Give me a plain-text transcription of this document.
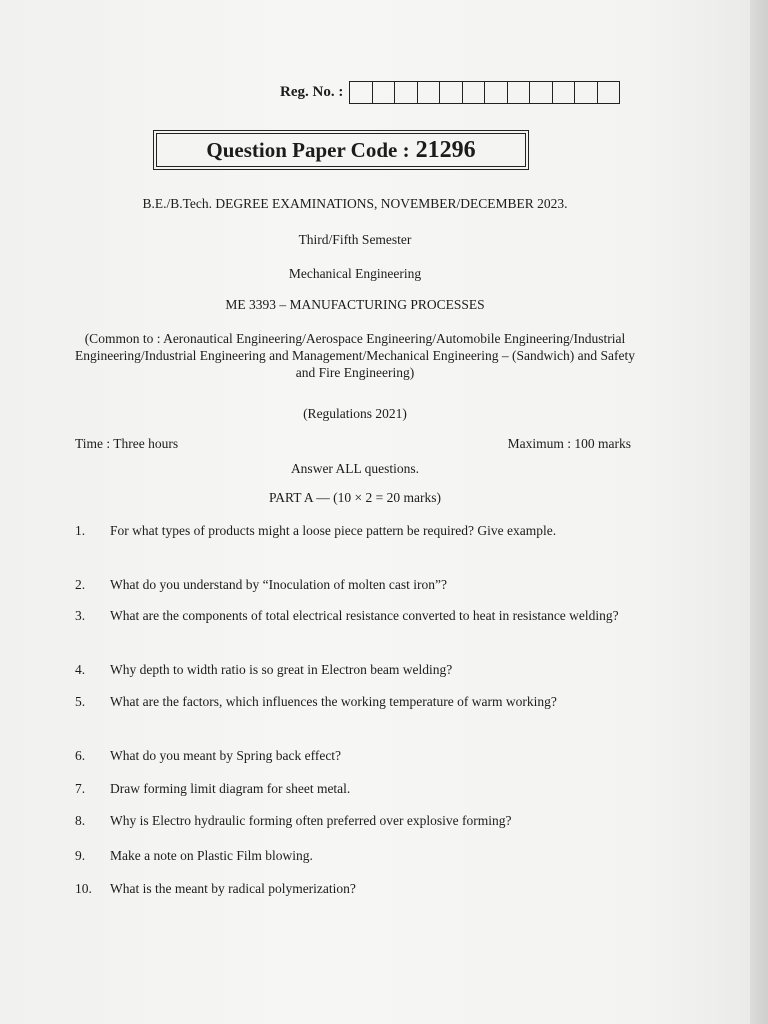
Reg. No. :
Question Paper Code : 21296
B.E./B.Tech. DEGREE EXAMINATIONS, NOVEMBER/DECEMBER 2023.
Third/Fifth Semester
Mechanical Engineering
ME 3393 – MANUFACTURING PROCESSES
(Common to : Aeronautical Engineering/Aerospace Engineering/Automobile Engineering/Industrial Engineering/Industrial Engineering and Management/Mechanical Engineering – (Sandwich) and Safety and Fire Engineering)
(Regulations 2021)
Time : Three hours	Maximum : 100 marks
Answer ALL questions.
PART A — (10 × 2 = 20 marks)
1.	For what types of products might a loose piece pattern be required? Give example.
2.	What do you understand by “Inoculation of molten cast iron”?
3.	What are the components of total electrical resistance converted to heat in resistance welding?
4.	Why depth to width ratio is so great in Electron beam welding?
5.	What are the factors, which influences the working temperature of warm working?
6.	What do you meant by Spring back effect?
7.	Draw forming limit diagram for sheet metal.
8.	Why is Electro hydraulic forming often preferred over explosive forming?
9.	Make a note on Plastic Film blowing.
10.	What is the meant by radical polymerization?
